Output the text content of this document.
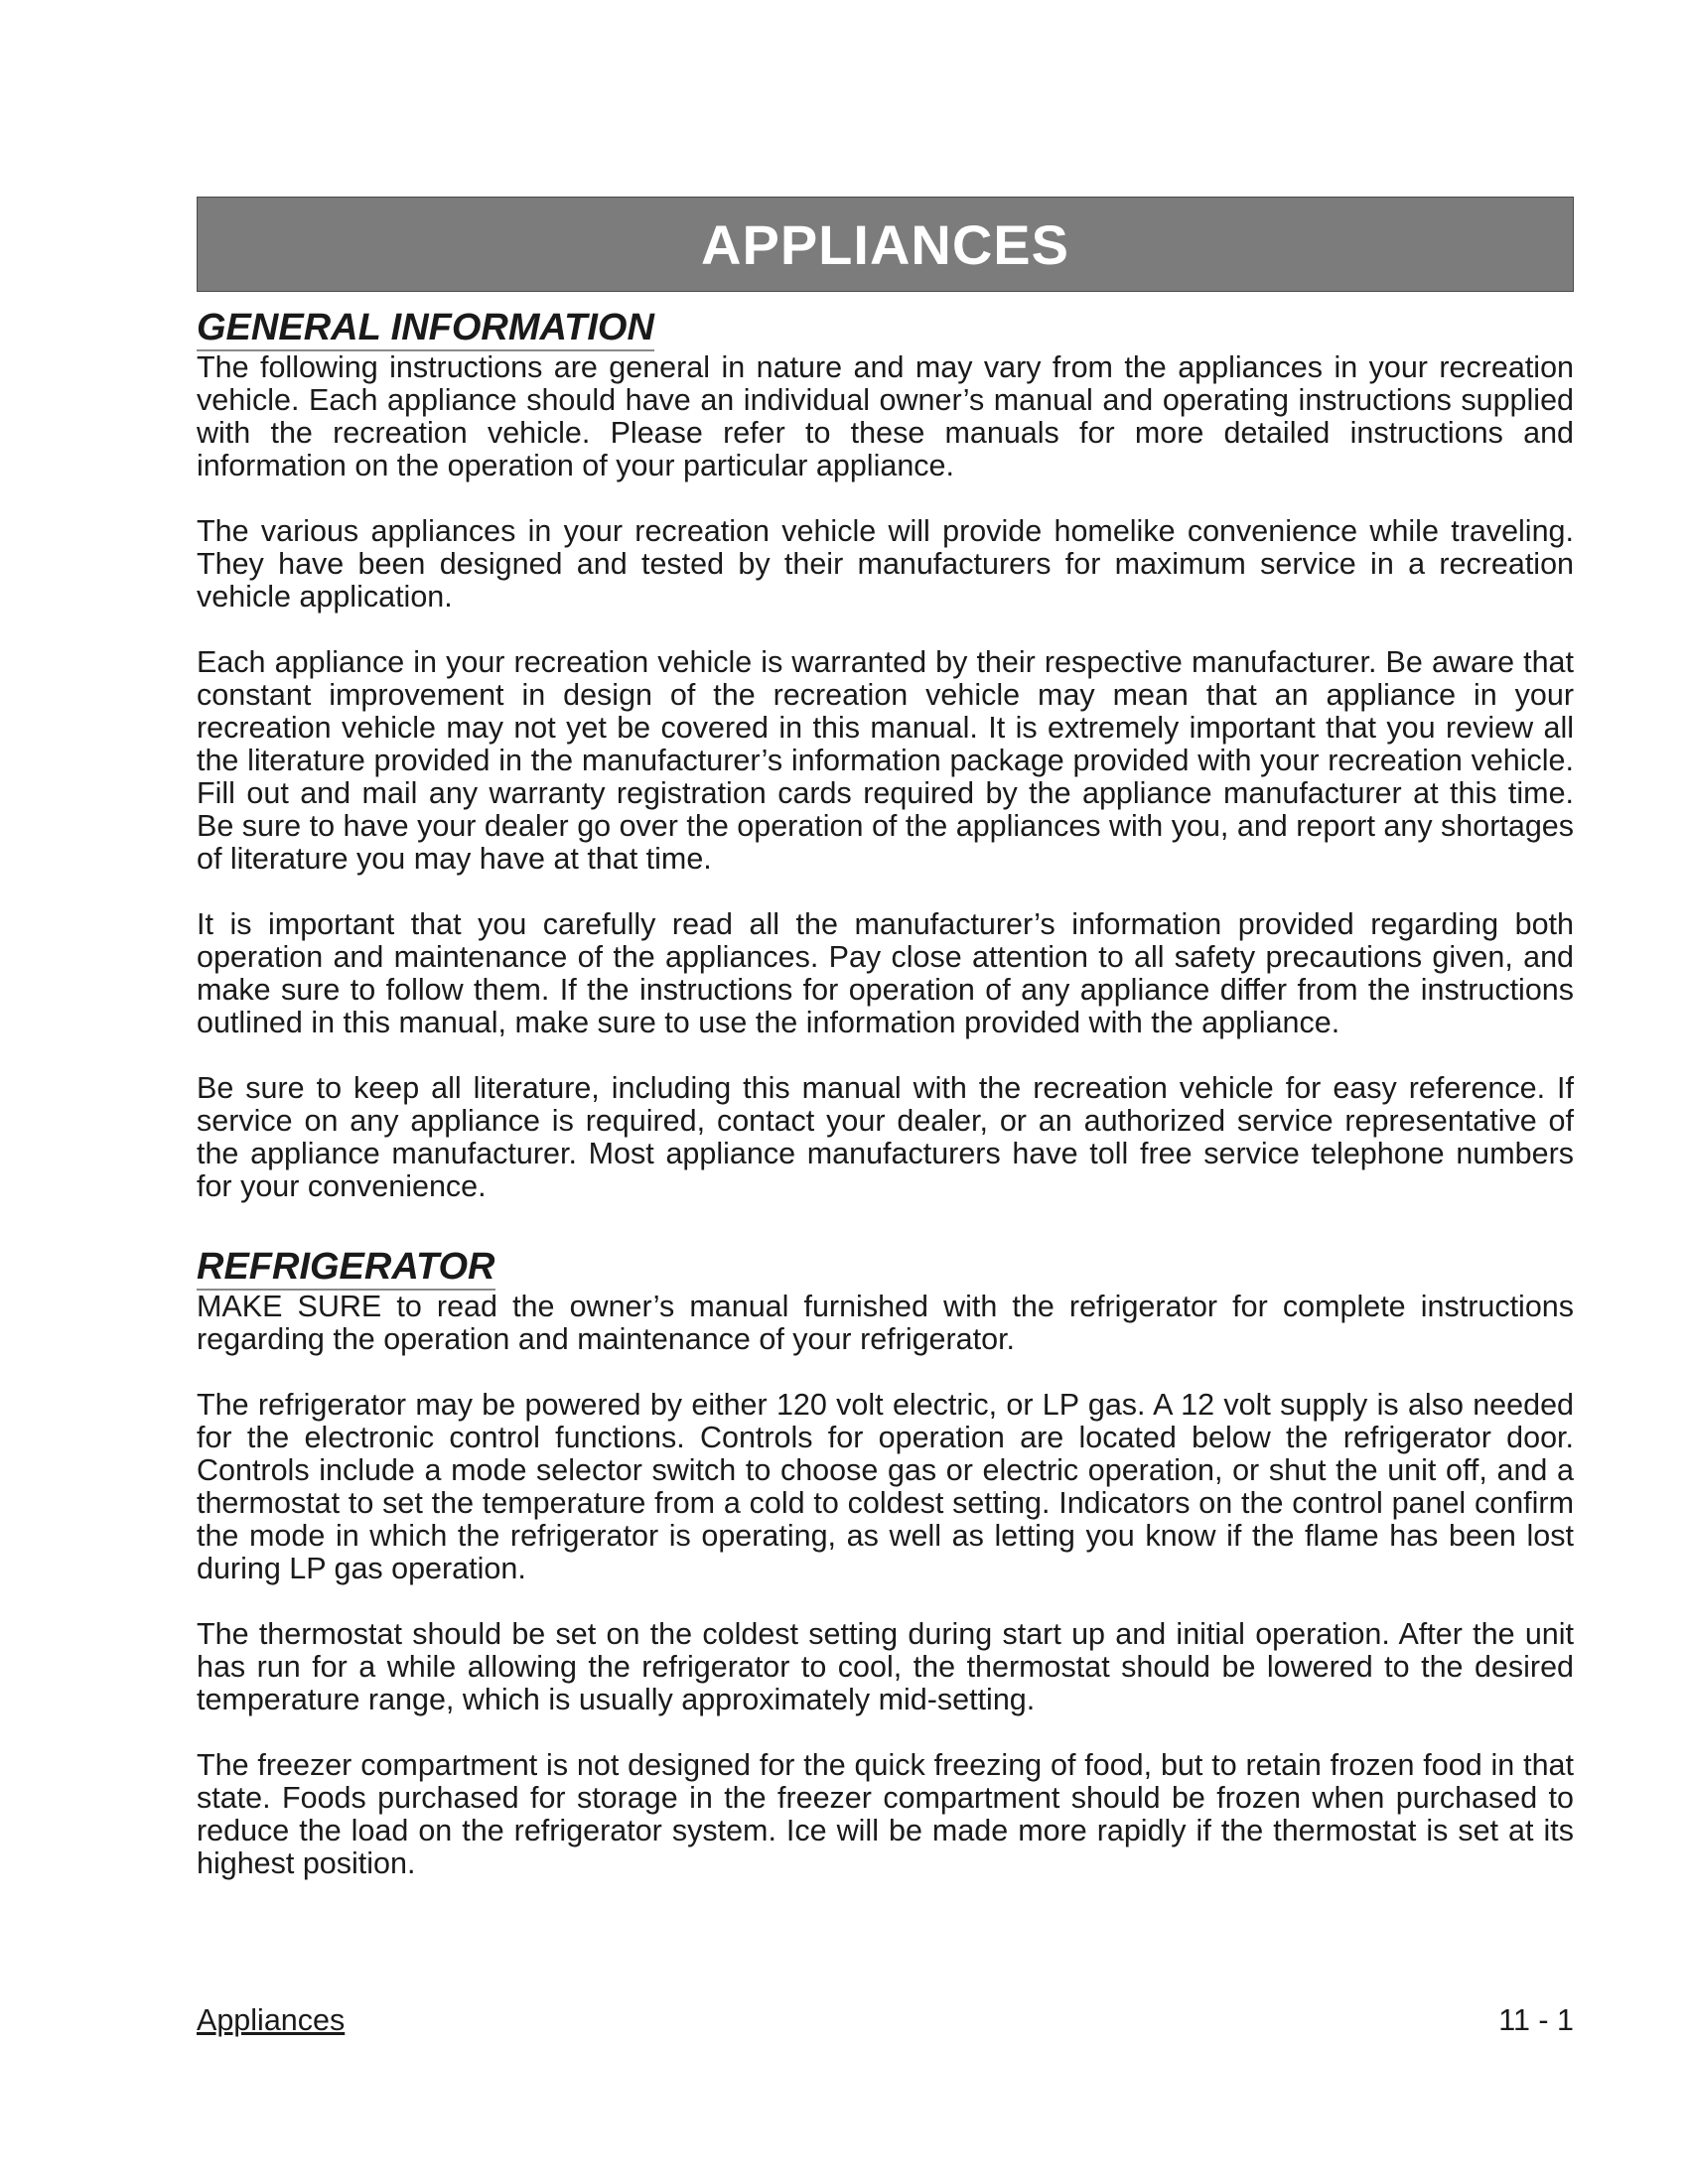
APPLIANCES
GENERAL INFORMATION

The following instructions are general in nature and may vary from the appliances in your recreation vehicle. Each appliance should have an individual owner’s manual and operating instructions supplied with the recreation vehicle. Please refer to these manuals for more detailed instructions and information on the operation of your particular appliance.

The various appliances in your recreation vehicle will provide homelike convenience while traveling. They have been designed and tested by their manufacturers for maximum service in a recreation vehicle application.

Each appliance in your recreation vehicle is warranted by their respective manufacturer. Be aware that constant improvement in design of the recreation vehicle may mean that an appliance in your recreation vehicle may not yet be covered in this manual. It is extremely important that you review all the literature provided in the manufacturer’s information package provided with your recreation vehicle. Fill out and mail any warranty registration cards required by the appliance manufacturer at this time. Be sure to have your dealer go over the operation of the appliances with you, and report any shortages of literature you may have at that time.

It is important that you carefully read all the manufacturer’s information provided regarding both operation and maintenance of the appliances. Pay close attention to all safety precautions given, and make sure to follow them. If the instructions for operation of any appliance differ from the instructions outlined in this manual, make sure to use the information provided with the appliance.

Be sure to keep all literature, including this manual with the recreation vehicle for easy reference. If service on any appliance is required, contact your dealer, or an authorized service representative of the appliance manufacturer. Most appliance manufacturers have toll free service telephone numbers for your convenience.

REFRIGERATOR

MAKE SURE to read the owner’s manual furnished with the refrigerator for complete instructions regarding the operation and maintenance of your refrigerator.

The refrigerator may be powered by either 120 volt electric, or LP gas. A 12 volt supply is also needed for the electronic control functions. Controls for operation are located below the refrigerator door. Controls include a mode selector switch to choose gas or electric operation, or shut the unit off, and a thermostat to set the temperature from a cold to coldest setting. Indicators on the control panel confirm the mode in which the refrigerator is operating, as well as letting you know if the flame has been lost during LP gas operation.

The thermostat should be set on the coldest setting during start up and initial operation. After the unit has run for a while allowing the refrigerator to cool, the thermostat should be lowered to the desired temperature range, which is usually approximately mid-setting.

The freezer compartment is not designed for the quick freezing of food, but to retain frozen food in that state. Foods purchased for storage in the freezer compartment should be frozen when purchased to reduce the load on the refrigerator system. Ice will be made more rapidly if the thermostat is set at its highest position.

Appliances	11 - 1
